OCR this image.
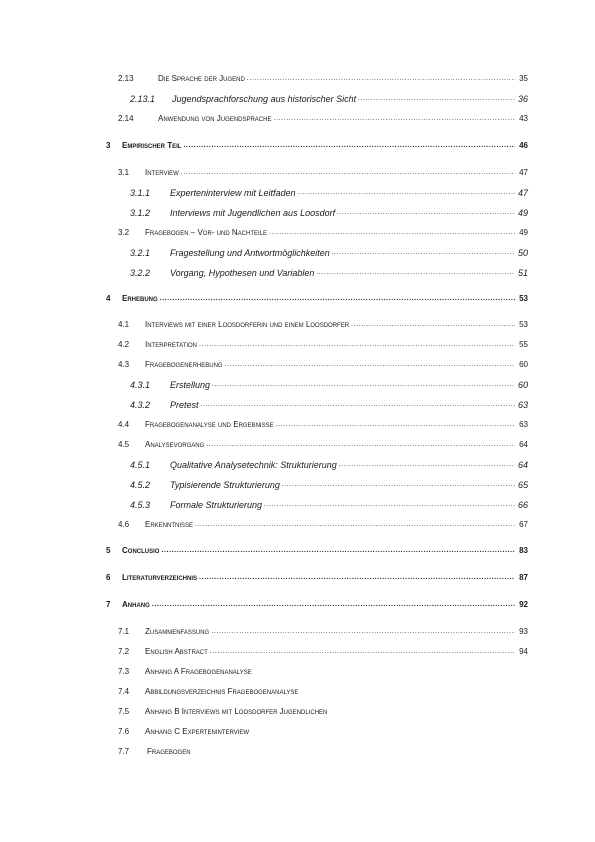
2.13	Die Sprache der Jugend .....	35
2.13.1	Jugendsprachforschung aus historischer Sicht .....	36
2.14	Anwendung von Jugendsprache .....	43
3	Empirischer Teil .....	46
3.1	Interview .....	47
3.1.1	Experteninterview mit Leitfaden .....	47
3.1.2	Interviews mit Jugendlichen aus Loosdorf .....	49
3.2	Fragebogen – Vor- und Nachteile .....	49
3.2.1	Fragestellung und Antwortmöglichkeiten .....	50
3.2.2	Vorgang, Hypothesen und Variablen .....	51
4	Erhebung .....	53
4.1	Interviews mit einer Loosdorferin und einem Loosdorfer .....	53
4.2	Interpretation .....	55
4.3	Fragebogenerhebung .....	60
4.3.1	Erstellung .....	60
4.3.2	Pretest .....	63
4.4	Fragebogenanalyse und Ergebnisse .....	63
4.5	Analysevorgang .....	64
4.5.1	Qualitative Analysetechnik: Strukturierung .....	64
4.5.2	Typisierende Strukturierung .....	65
4.5.3	Formale Strukturierung .....	66
4.6	Erkenntnisse .....	67
5	Conclusio .....	83
6	Literaturverzeichnis .....	87
7	Anhang .....	92
7.1	Zusammenfassung .....	93
7.2	English Abstract .....	94
7.3	Anhang A Fragebogenanalyse
7.4	Abbildungsverzeichnis Fragebogenanalyse
7.5	Anhang B Interviews mit Loosdorfer Jugendlichen
7.6	Anhang C Experteninterview
7.7	Fragebogen
